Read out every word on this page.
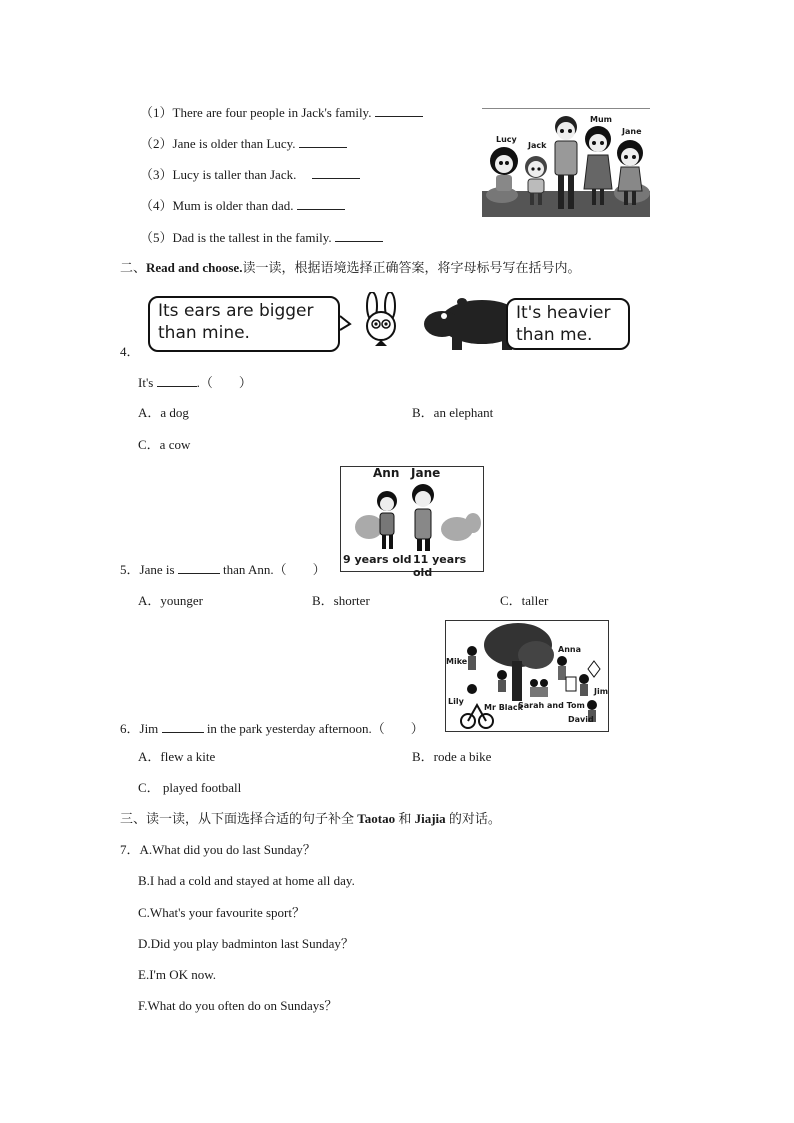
（1）There are four people in Jack's family.
（2）Jane is older than Lucy.
（3）Lucy is taller than Jack.
（4）Mum is older than dad.
（5）Dad is the tallest in the family.
Lucy
Jack
Mum
Jane
二、Read and choose.读一读，根据语境选择正确答案，将字母标号写在括号内。
Its ears are bigger than mine.
It's heavier than me.
4．
It's	.（　　）
A．a dog	B．an elephant
C．a cow
Ann Jane
9 years old 11 years old
5．Jane is	than Ann.（　　）
A．younger	B．shorter	C．taller
Mike
Anna
Lily
Mr Black
Sarah and Tom
Jim
David
6．Jim	in the park yesterday afternoon.（　　）
A．flew a kite	B．rode a bike
C． played football
三、读一读，从下面选择合适的句子补全 Taotao 和 Jiajia 的对话。
7．A.What did you do last Sunday？
B.I had a cold and stayed at home all day.
C.What's your favourite sport？
D.Did you play badminton last Sunday？
E.I'm OK now.
F.What do you often do on Sundays？
